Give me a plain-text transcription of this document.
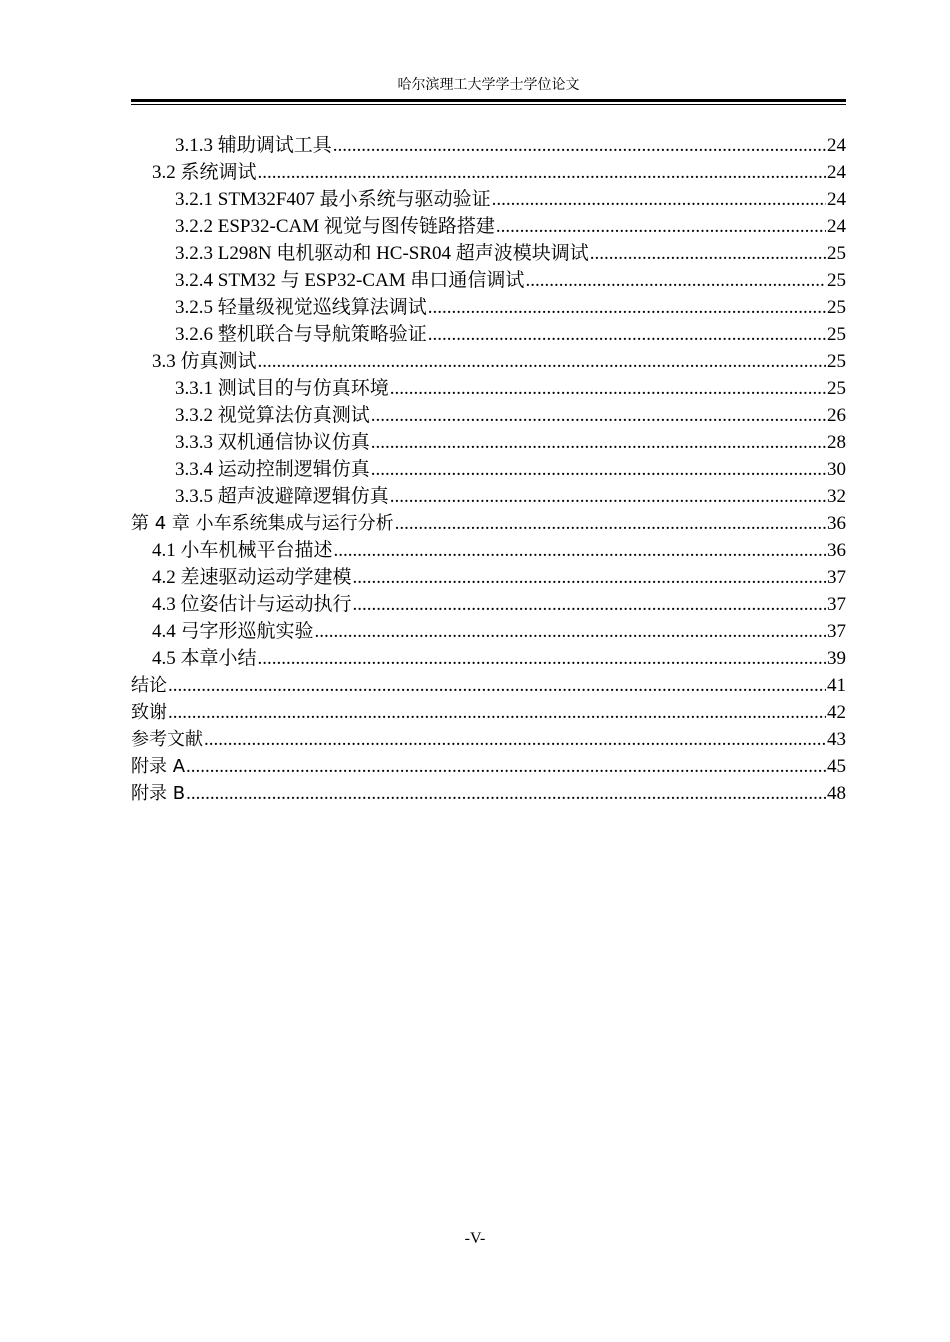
哈尔滨理工大学学士学位论文
3.1.3 辅助调试工具 .....	24
3.2 系统调试 .....	24
3.2.1 STM32F407 最小系统与驱动验证 .....	24
3.2.2 ESP32-CAM 视觉与图传链路搭建 .....	24
3.2.3 L298N 电机驱动和 HC-SR04 超声波模块调试 .....	25
3.2.4 STM32 与 ESP32-CAM 串口通信调试 .....	25
3.2.5 轻量级视觉巡线算法调试 .....	25
3.2.6 整机联合与导航策略验证 .....	25
3.3 仿真测试 .....	25
3.3.1 测试目的与仿真环境 .....	25
3.3.2 视觉算法仿真测试 .....	26
3.3.3 双机通信协议仿真 .....	28
3.3.4 运动控制逻辑仿真 .....	30
3.3.5 超声波避障逻辑仿真 .....	32
第 4 章 小车系统集成与运行分析 .....	36
4.1 小车机械平台描述 .....	36
4.2 差速驱动运动学建模 .....	37
4.3 位姿估计与运动执行 .....	37
4.4 弓字形巡航实验 .....	37
4.5 本章小结 .....	39
结论 .....	41
致谢 .....	42
参考文献 .....	43
附录 A .....	45
附录 B .....	48
-V-
